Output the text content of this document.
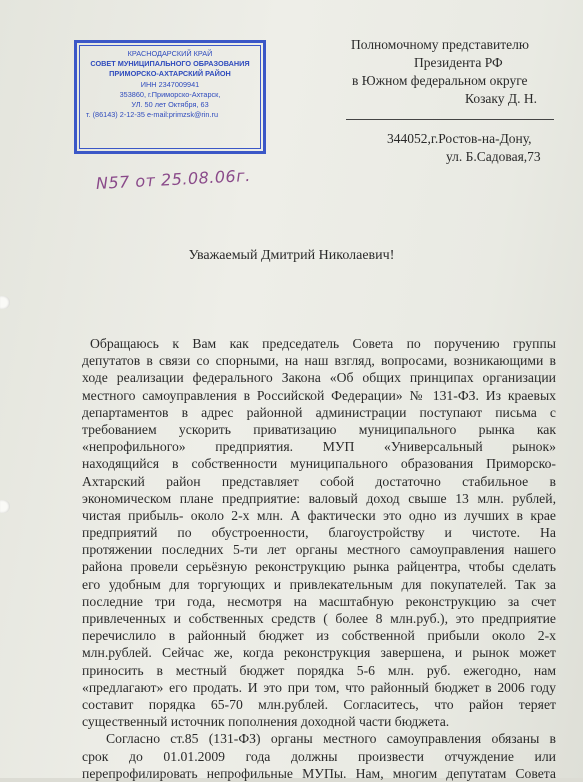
КРАСНОДАРСКИЙ КРАЙ
СОВЕТ МУНИЦИПАЛЬНОГО ОБРАЗОВАНИЯ
ПРИМОРСКО-АХТАРСКИЙ РАЙОН
ИНН 2347009941
353860, г.Приморско-Ахтарск,
УЛ. 50 лет Октября, 63
т. (86143) 2-12-35 e-mail:primzsk@rin.ru
Полномочному представителю
Президента РФ
в Южном федеральном округе
Козаку Д. Н.
344052,г.Ростов-на-Дону,
ул. Б.Садовая,73
N57 от 25.08.06г.
Уважаемый Дмитрий Николаевич!
Обращаюсь к Вам как председатель Совета по поручению группы
депутатов в связи со спорными, на наш взгляд, вопросами, возникающими в
ходе реализации федерального Закона «Об общих принципах организации
местного самоуправления в Российской Федерации» № 131-ФЗ. Из краевых
департаментов в адрес районной администрации поступают письма с
требованием ускорить приватизацию муниципального рынка как
«непрофильного» предприятия. МУП «Универсальный рынок»
находящийся в собственности муниципального образования Приморско-
Ахтарский район представляет собой достаточно стабильное в
экономическом плане предприятие: валовый доход свыше 13 млн. рублей,
чистая прибыль- около 2-х млн. А фактически это одно из лучших в крае
предприятий по обустроенности, благоустройству и чистоте. На
протяжении последних 5-ти лет органы местного самоуправления нашего
района провели серьёзную реконструкцию рынка райцентра, чтобы сделать
его удобным для торгующих и привлекательным для покупателей. Так за
последние три года, несмотря на масштабную реконструкцию за счет
привлеченных и собственных средств ( более 8 млн.руб.), это предприятие
перечислило в районный бюджет из собственной прибыли около 2-х
млн.рублей. Сейчас же, когда реконструкция завершена, и рынок может
приносить в местный бюджет порядка 5-6 млн. руб. ежегодно, нам
«предлагают» его продать. И это при том, что районный бюджет в 2006 году
составит порядка 65-70 млн.рублей. Согласитесь, что район теряет
существенный источник пополнения доходной части бюджета.
Согласно ст.85 (131-ФЗ) органы местного самоуправления обязаны в
срок до 01.01.2009 года должны произвести отчуждение или
перепрофилировать непрофильные МУПы. Нам, многим депутатам Совета
